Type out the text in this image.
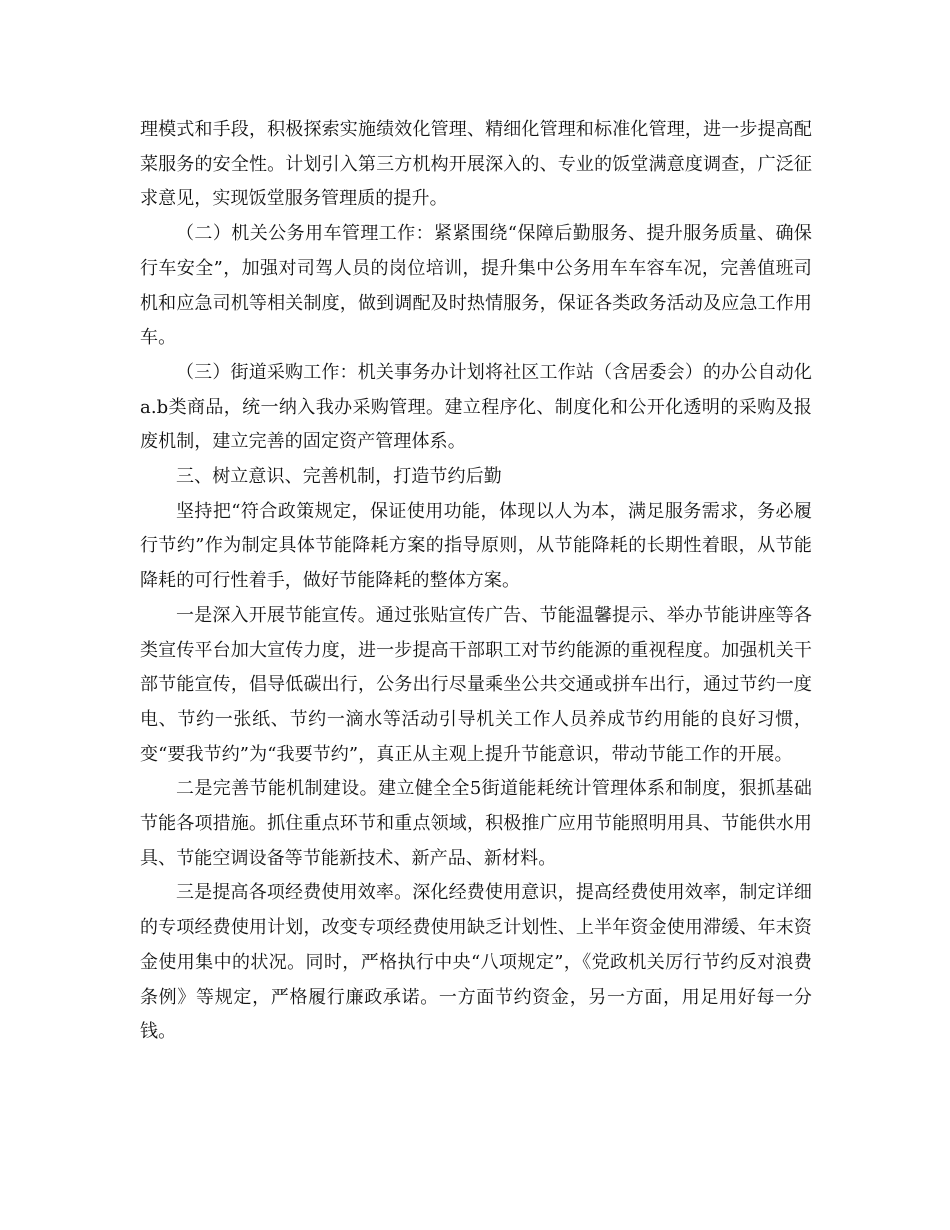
理模式和手段，积极探索实施绩效化管理、精细化管理和标准化管理，进一步提高配菜服务的安全性。计划引入第三方机构开展深入的、专业的饭堂满意度调查，广泛征求意见，实现饭堂服务管理质的提升。

（二）机关公务用车管理工作：紧紧围绕“保障后勤服务、提升服务质量、确保行车安全”，加强对司驾人员的岗位培训，提升集中公务用车车容车况，完善值班司机和应急司机等相关制度，做到调配及时热情服务，保证各类政务活动及应急工作用车。

（三）街道采购工作：机关事务办计划将社区工作站（含居委会）的办公自动化a.b类商品，统一纳入我办采购管理。建立程序化、制度化和公开化透明的采购及报废机制，建立完善的固定资产管理体系。

三、树立意识、完善机制，打造节约后勤

坚持把“符合政策规定，保证使用功能，体现以人为本，满足服务需求，务必履行节约”作为制定具体节能降耗方案的指导原则，从节能降耗的长期性着眼，从节能降耗的可行性着手，做好节能降耗的整体方案。

一是深入开展节能宣传。通过张贴宣传广告、节能温馨提示、举办节能讲座等各类宣传平台加大宣传力度，进一步提高干部职工对节约能源的重视程度。加强机关干部节能宣传，倡导低碳出行，公务出行尽量乘坐公共交通或拼车出行，通过节约一度电、节约一张纸、节约一滴水等活动引导机关工作人员养成节约用能的良好习惯，变“要我节约”为“我要节约”，真正从主观上提升节能意识，带动节能工作的开展。

二是完善节能机制建设。建立健全全5街道能耗统计管理体系和制度，狠抓基础节能各项措施。抓住重点环节和重点领域，积极推广应用节能照明用具、节能供水用具、节能空调设备等节能新技术、新产品、新材料。

三是提高各项经费使用效率。深化经费使用意识，提高经费使用效率，制定详细的专项经费使用计划，改变专项经费使用缺乏计划性、上半年资金使用滞缓、年末资金使用集中的状况。同时，严格执行中央“八项规定”，《党政机关厉行节约反对浪费条例》等规定，严格履行廉政承诺。一方面节约资金，另一方面，用足用好每一分钱。
